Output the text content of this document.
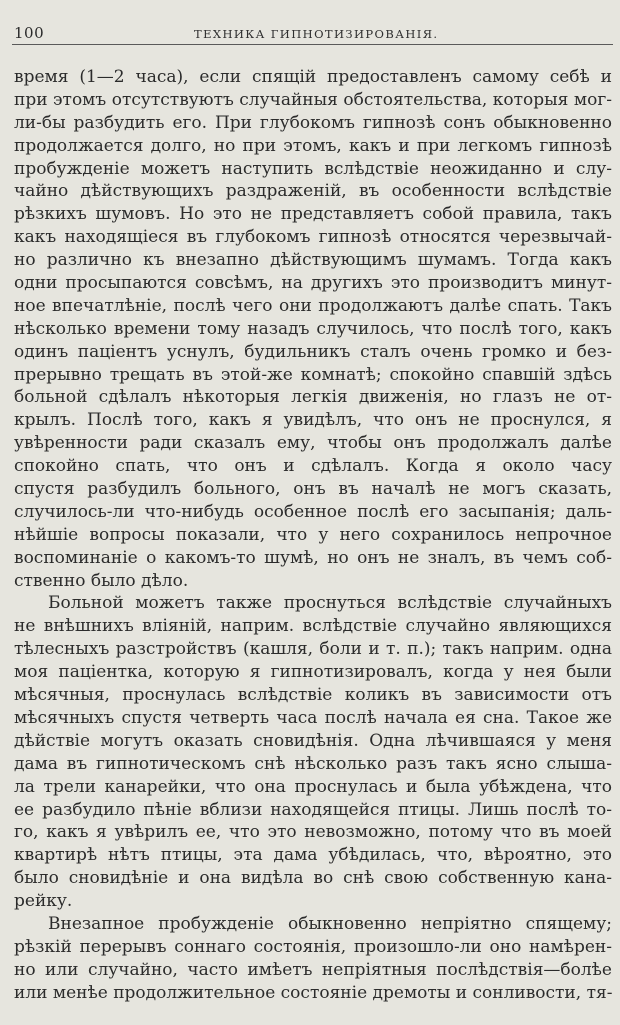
100	ТЕХНИКА ГИПНОТИЗИРОВАНІЯ.
время (1—2 часа), если спящій предоставленъ самому себѣ и
при этомъ отсутствуютъ случайныя обстоятельства, которыя мог-
ли-бы разбудить его. При глубокомъ гипнозѣ сонъ обыкновенно
продолжается долго, но при этомъ, какъ и при легкомъ гипнозѣ
пробужденіе можетъ наступить вслѣдствіе неожиданно и слу-
чайно дѣйствующихъ раздраженій, въ особенности вслѣдствіе
рѣзкихъ шумовъ. Но это не представляетъ собой правила, такъ
какъ находящіеся въ глубокомъ гипнозѣ относятся черезвычай-
но различно къ внезапно дѣйствующимъ шумамъ. Тогда какъ
одни просыпаются совсѣмъ, на другихъ это производитъ минут-
ное впечатлѣніе, послѣ чего они продолжаютъ далѣе спать. Такъ
нѣсколько времени тому назадъ случилось, что послѣ того, какъ
одинъ паціентъ уснулъ, будильникъ сталъ очень громко и без-
прерывно трещать въ этой-же комнатѣ; спокойно спавшій здѣсь
больной сдѣлалъ нѣкоторыя легкія движенія, но глазъ не от-
крылъ. Послѣ того, какъ я увидѣлъ, что онъ не проснулся, я
увѣренности ради сказалъ ему, чтобы онъ продолжалъ далѣе
спокойно спать, что онъ и сдѣлалъ. Когда я около часу
спустя разбудилъ больного, онъ въ началѣ не могъ сказать,
случилось-ли что-нибудь особенное послѣ его засыпанія; даль-
нѣйшіе вопросы показали, что у него сохранилось непрочное
воспоминаніе о какомъ-то шумѣ, но онъ не зналъ, въ чемъ соб-
ственно было дѣло.
Больной можетъ также проснуться вслѣдствіе случайныхъ
не внѣшнихъ вліяній, наприм. вслѣдствіе случайно являющихся
тѣлесныхъ разстройствъ (кашля, боли и т. п.); такъ наприм. одна
моя паціентка, которую я гипнотизировалъ, когда у нея были
мѣсячныя, проснулась вслѣдствіе коликъ въ зависимости отъ
мѣсячныхъ спустя четверть часа послѣ начала ея сна. Такое же
дѣйствіе могутъ оказать сновидѣнія. Одна лѣчившаяся у меня
дама въ гипнотическомъ снѣ нѣсколько разъ такъ ясно слыша-
ла трели канарейки, что она проснулась и была убѣждена, что
ее разбудило пѣніе вблизи находящейся птицы. Лишь послѣ то-
го, какъ я увѣрилъ ее, что это невозможно, потому что въ моей
квартирѣ нѣтъ птицы, эта дама убѣдилась, что, вѣроятно, это
было сновидѣніе и она видѣла во снѣ свою собственную кана-
рейку.
Внезапное пробужденіе обыкновенно непріятно спящему;
рѣзкій перерывъ соннаго состоянія, произошло-ли оно намѣрен-
но или случайно, часто имѣетъ непріятныя послѣдствія—болѣе
или менѣе продолжительное состояніе дремоты и сонливости, тя-
